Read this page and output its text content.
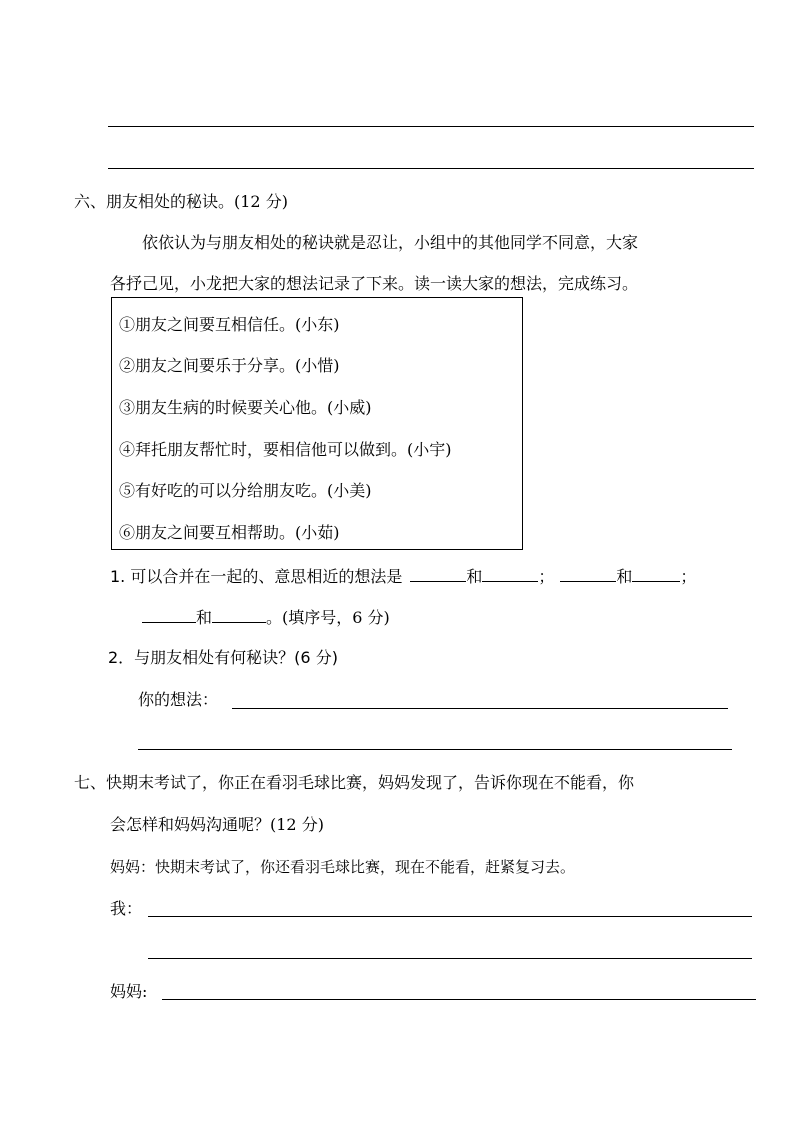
六、朋友相处的秘诀。(12 分)
依依认为与朋友相处的秘诀就是忍让，小组中的其他同学不同意，大家
各抒己见，小龙把大家的想法记录了下来。读一读大家的想法，完成练习。
①朋友之间要互相信任。(小东)
②朋友之间要乐于分享。(小惜)
③朋友生病的时候要关心他。(小威)
④拜托朋友帮忙时，要相信他可以做到。(小宇)
⑤有好吃的可以分给朋友吃。(小美)
⑥朋友之间要互相帮助。(小茹)
1. 可以合并在一起的、意思相近的想法是	和	；	和	；
和	。(填序号，6 分)
2．与朋友相处有何秘诀？(6 分)
你的想法：
七、快期末考试了，你正在看羽毛球比赛，妈妈发现了，告诉你现在不能看，你
会怎样和妈妈沟通呢？(12 分)
妈妈：快期末考试了，你还看羽毛球比赛，现在不能看，赶紧复习去。
我：
妈妈:
